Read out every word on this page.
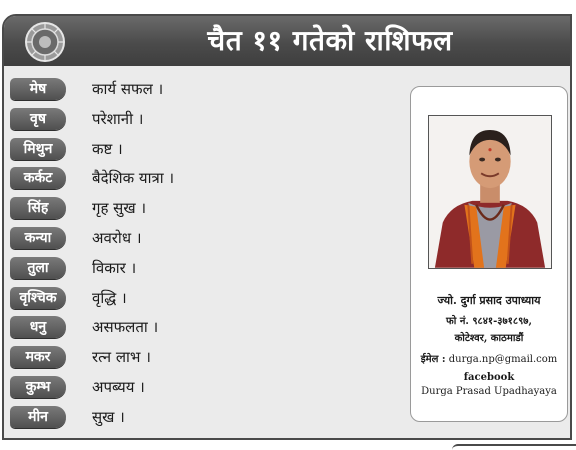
चैत ११ गतेको राशिफल
मेष	कार्य सफल ।
वृष	परेशानी ।
मिथुन	कष्ट ।
कर्कट	बैदेशिक यात्रा ।
सिंह	गृह सुख ।
कन्या	अवरोध ।
तुला	विकार ।
वृश्चिक	वृद्धि ।
धनु	असफलता ।
मकर	रत्न लाभ ।
कुम्भ	अपब्यय ।
मीन	सुख ।
ज्यो. दुर्गा प्रसाद उपाध्याय
फो नं. ९८४१-३७१८९७,
कोटेश्वर, काठमाडौं
ईमेल : durga.np@gmail.com
facebook
Durga Prasad Upadhayaya
